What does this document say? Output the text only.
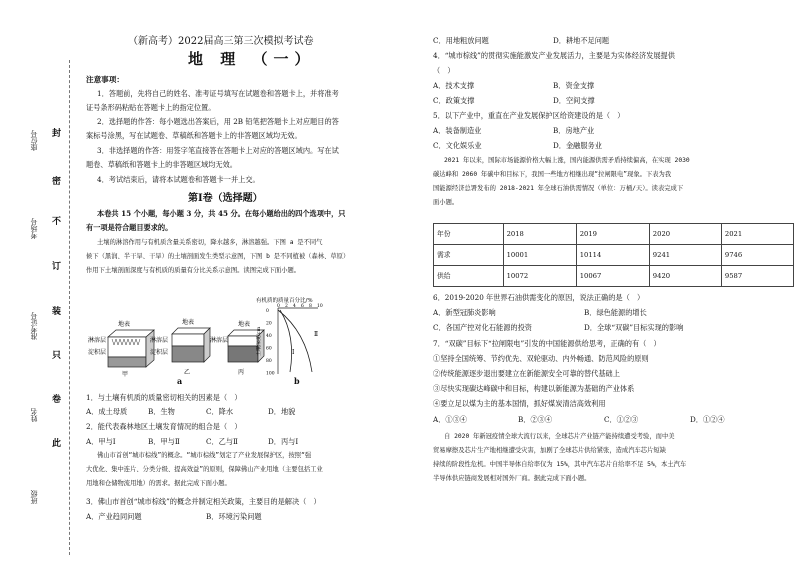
封
密
不
订
装
只
卷
此
座位号
考场号
准考证号
姓名
班级
（新高考）2022届高三第三次模拟考试卷
地 理 （一）
注意事项：
1．答题前，先将自己的姓名、准考证号填写在试题卷和答题卡上，并将准考
证号条形码粘贴在答题卡上的指定位置。
2．选择题的作答：每小题选出答案后，用 2B 铅笔把答题卡上对应题目的答
案标号涂黑，写在试题卷、草稿纸和答题卡上的非答题区域均无效。
3．非选择题的作答：用签字笔直接答在答题卡上对应的答题区域内。写在试
题卷、草稿纸和答题卡上的非答题区域均无效。
4．考试结束后，请将本试题卷和答题卡一并上交。
第Ⅰ卷（选择题）
本卷共 15 个小题，每小题 3 分，共 45 分。在每小题给出的四个选项中，只
有一项是符合题目要求的。
土壤的淋溶作用与有机质含量关系密切，降水越多，淋溶越强。下图 a 是不同气
候下（黑润、半干旱、干旱）的土壤剖面发生类型示意图，下图 b 是不同植被（森林、草原）
作用下土壤剖面深度与有机质的质量有分比关系示意图。读图完成下面小题。
地表	地表	地表
淋溶层
淀积层
淋溶层
淀积层
淋溶层
甲	乙	丙
a
有机质的质量百分比/%
0 2 4 6 8 10
0
20
40
60
80
100
Ⅰ
Ⅱ
土壤深度/cm
b
1．与土壤有机质的质量密切相关的因素是（　）
A．成土母质	B．生物	C．降水	D．地貌
2．能代表森林地区土壤发育情况的组合是（　）
A．甲与Ⅰ	B．甲与Ⅱ	C．乙与Ⅱ	D．丙与Ⅰ
佛山市首创“城市棕线”的概念。“城市棕线”划定了产业发展保护区，按照“强
大优化、集中连片、分类分级、提高效益”的原则，保障佛山产业用地（主要包括工业
用地和仓储物流用地）的需求。据此完成下面小题。
3．佛山市首创“城市棕线”的概念并制定相关政策，主要目的是解决（　）
A．产业趋同问题	B．环境污染问题
C．用地粗放问题	D．耕地不足问题
4．“城市棕线”的贯彻实施能激发产业发展活力，主要是为实体经济发展提供
（　）
A．技术支撑	B．资金支撑
C．政策支撑	D．空间支撑
5．以下产业中，重直在产业发展保护区给资建设的是（　）
A．装备制造业	B．房地产业
C．文化娱乐业	D．金融服务业
2021 年以来，国际市场能源价格大幅上涨，国内能源供需矛盾持续偏高，在实现 2030
碳达峰和 2060 年碳中和目标下，我国一些地方相继出现“拉闸限电”现象。下表为我
国能源经济总署发布的 2018-2021 年全球石油供需情况（单位：万桶/天）。读表完成下
面小题。
年份	2018	2019	2020	2021
需求	10001	10114	9241	9746
供给	10072	10067	9420	9587
6．2019-2020 年世界石油供需变化的原因，说法正确的是（　）
A．新型冠肺炎影响	B．绿色能源的增长
C．各国产控对化石能源的投资	D．全球“双碳”目标实现的影响
7．“双碳”目标下“拉闸限电”引发的中国能源供给思考，正确的有（　）
①坚持全国统筹、节约优先、双轮驱动、内外畅通、防范风险的原则
②传统能源逐步退出要建立在新能源安全可靠的替代基础上
③尽快实现碳达峰碳中和目标，构建以新能源为基础的产业体系
④要立足以煤为主的基本国情，抓好煤炭清洁高效利用
A．①③④	B．②③④	C．①②③	D．①②④
自 2020 年新冠疫情全球大流行以来，全球芯片产业链产能持续遭受考验，而中美
贸易摩擦及芯片生产地相继遭受灾害，加剧了全球芯片供给紧张，造成汽车芯片短缺
持续的阶段性危机。中国半导体自给率仅为 15%，其中汽车芯片自给率不足 5%，本土汽车
半导体供应链商发展相对国外厂商。据此完成下面小题。
